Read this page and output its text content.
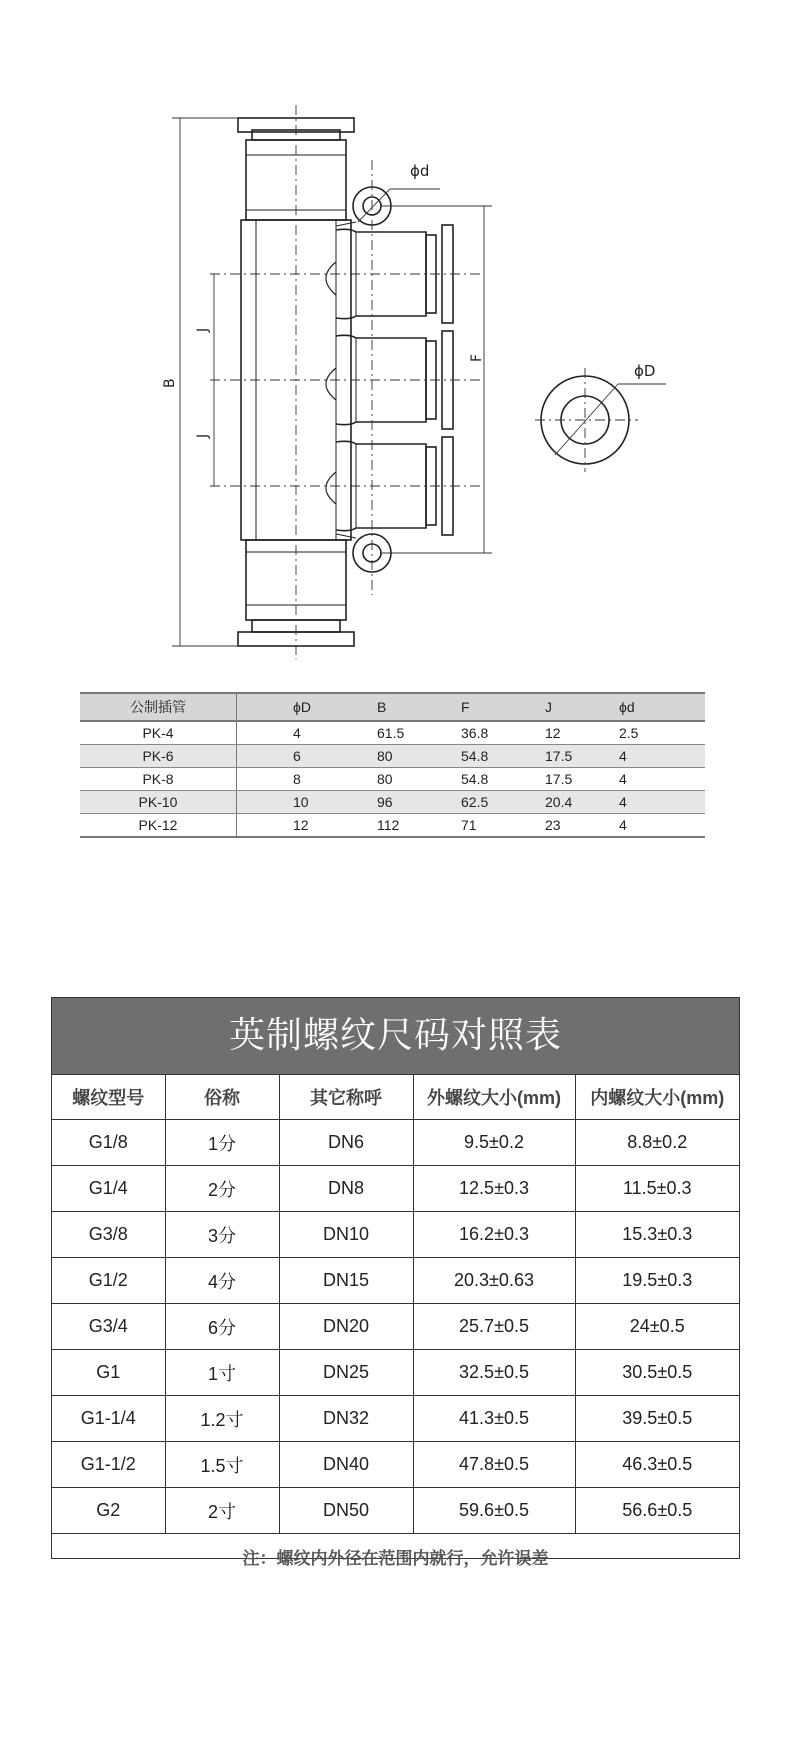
ϕd
ϕD
B
J
J
F
公制插管	ϕD	B	F	J	ϕd
PK-4	4	61.5	36.8	12	2.5
PK-6	6	80	54.8	17.5	4
PK-8	8	80	54.8	17.5	4
PK-10	10	96	62.5	20.4	4
PK-12	12	112	71	23	4
英制螺纹尺码对照表
螺纹型号	俗称	其它称呼	外螺纹大小(mm)	内螺纹大小(mm)
G1/8	1分	DN6	9.5±0.2	8.8±0.2
G1/4	2分	DN8	12.5±0.3	11.5±0.3
G3/8	3分	DN10	16.2±0.3	15.3±0.3
G1/2	4分	DN15	20.3±0.63	19.5±0.3
G3/4	6分	DN20	25.7±0.5	24±0.5
G1	1寸	DN25	32.5±0.5	30.5±0.5
G1-1/4	1.2寸	DN32	41.3±0.5	39.5±0.5
G1-1/2	1.5寸	DN40	47.8±0.5	46.3±0.5
G2	2寸	DN50	59.6±0.5	56.6±0.5
注：螺纹内外径在范围内就行，允许误差				
